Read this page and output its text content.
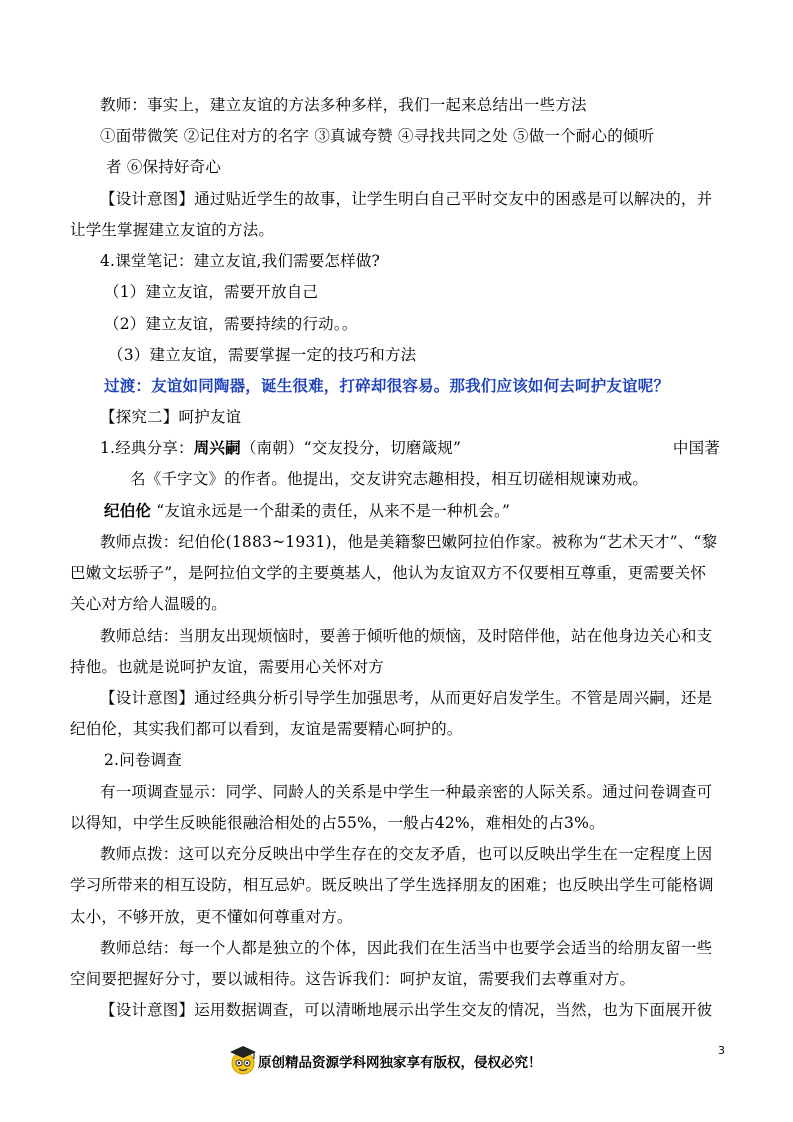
教师：事实上，建立友谊的方法多种多样，我们一起来总结出一些方法
①面带微笑 ②记住对方的名字 ③真诚夸赞 ④寻找共同之处 ⑤做一个耐心的倾听
者 ⑥保持好奇心
【设计意图】通过贴近学生的故事，让学生明白自己平时交友中的困惑是可以解决的，并
让学生掌握建立友谊的方法。
4.课堂笔记：建立友谊,我们需要怎样做?
（1）建立友谊，需要开放自己
（2）建立友谊，需要持续的行动。。
（3）建立友谊，需要掌握一定的技巧和方法
过渡：友谊如同陶器，诞生很难，打碎却很容易。那我们应该如何去呵护友谊呢？
【探究二】呵护友谊
1.经典分享：周兴嗣（南朝）“交友投分，切磨箴规”	中国著
名《千字文》的作者。他提出，交友讲究志趣相投，相互切磋相规谏劝戒。
纪伯伦 “友谊永远是一个甜柔的责任，从来不是一种机会。”
教师点拨：纪伯伦(1883~1931)，他是美籍黎巴嫩阿拉伯作家。被称为“艺术天才”、“黎
巴嫩文坛骄子”，是阿拉伯文学的主要奠基人，他认为友谊双方不仅要相互尊重，更需要关怀
关心对方给人温暖的。
教师总结：当朋友出现烦恼时，要善于倾听他的烦恼，及时陪伴他，站在他身边关心和支
持他。也就是说呵护友谊，需要用心关怀对方
【设计意图】通过经典分析引导学生加强思考，从而更好启发学生。不管是周兴嗣，还是
纪伯伦，其实我们都可以看到，友谊是需要精心呵护的。
2.问卷调查
有一项调查显示：同学、同龄人的关系是中学生一种最亲密的人际关系。通过问卷调查可
以得知，中学生反映能很融洽相处的占55%，一般占42%，难相处的占3%。
教师点拨：这可以充分反映出中学生存在的交友矛盾，也可以反映出学生在一定程度上因
学习所带来的相互设防，相互忌妒。既反映出了学生选择朋友的困难；也反映出学生可能格调
太小，不够开放，更不懂如何尊重对方。
教师总结：每一个人都是独立的个体，因此我们在生活当中也要学会适当的给朋友留一些
空间要把握好分寸，要以诚相待。这告诉我们：呵护友谊，需要我们去尊重对方。
【设计意图】运用数据调查，可以清晰地展示出学生交友的情况，当然，也为下面展开彼
3
原创精品资源学科网独家享有版权，侵权必究！
